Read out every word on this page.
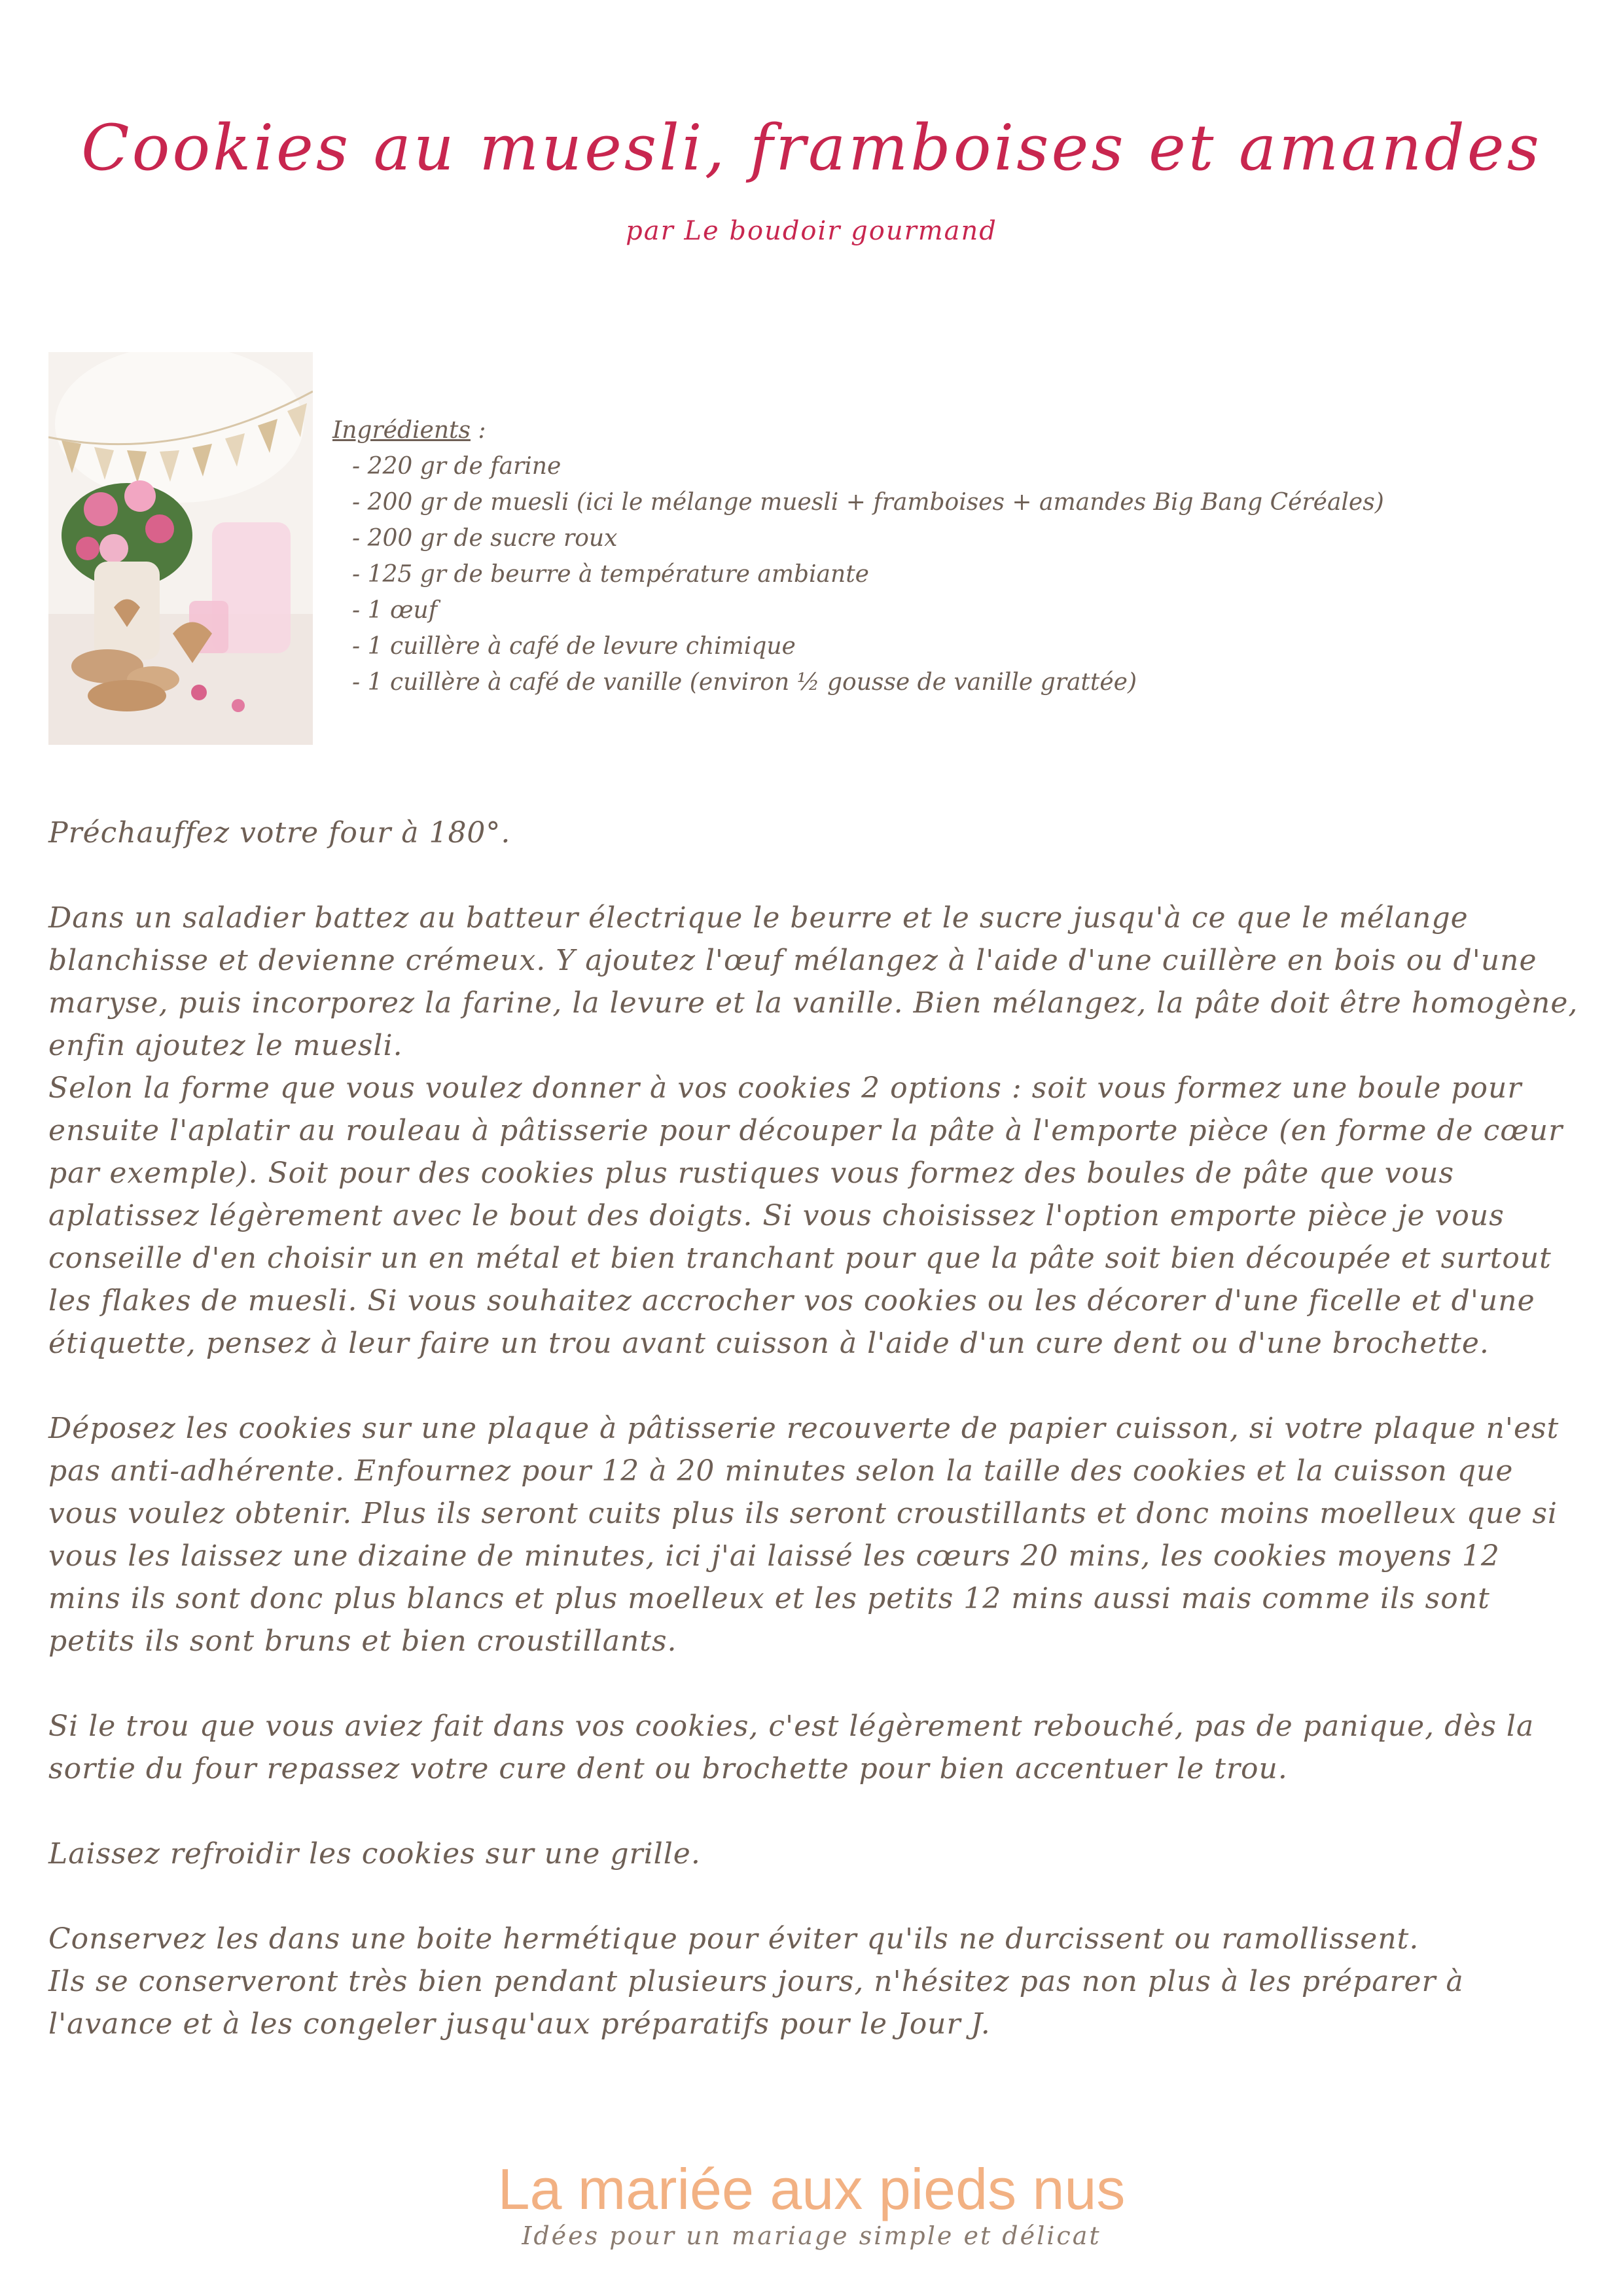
Cookies au muesli, framboises et amandes
par Le boudoir gourmand
Ingrédients :
- 220 gr de farine
- 200 gr de muesli (ici le mélange muesli + framboises + amandes Big Bang Céréales)
- 200 gr de sucre roux
- 125 gr de beurre à température ambiante
- 1 œuf
- 1 cuillère à café de levure chimique
- 1 cuillère à café de vanille (environ ½ gousse de vanille grattée)

Préchauffez votre four à 180°.

Dans un saladier battez au batteur électrique le beurre et le sucre jusqu'à ce que le mélange blanchisse et devienne crémeux. Y ajoutez l'œuf mélangez à l'aide d'une cuillère en bois ou d'une maryse, puis incorporez la farine, la levure et la vanille. Bien mélangez, la pâte doit être homogène, enfin ajoutez le muesli.

Selon la forme que vous voulez donner à vos cookies 2 options : soit vous formez une boule pour ensuite l'aplatir au rouleau à pâtisserie pour découper la pâte à l'emporte pièce (en forme de cœur par exemple). Soit pour des cookies plus rustiques vous formez des boules de pâte que vous aplatissez légèrement avec le bout des doigts. Si vous choisissez l'option emporte pièce je vous conseille d'en choisir un en métal et bien tranchant pour que la pâte soit bien découpée et surtout les flakes de muesli. Si vous souhaitez accrocher vos cookies ou les décorer d'une ficelle et d'une étiquette, pensez à leur faire un trou avant cuisson à l'aide d'un cure dent ou d'une brochette.

Déposez les cookies sur une plaque à pâtisserie recouverte de papier cuisson, si votre plaque n'est pas anti-adhérente. Enfournez pour 12 à 20 minutes selon la taille des cookies et la cuisson que vous voulez obtenir. Plus ils seront cuits plus ils seront croustillants et donc moins moelleux que si vous les laissez une dizaine de minutes, ici j'ai laissé les cœurs 20 mins, les cookies moyens 12 mins ils sont donc plus blancs et plus moelleux et les petits 12 mins aussi mais comme ils sont petits ils sont bruns et bien croustillants.

Si le trou que vous aviez fait dans vos cookies, c'est légèrement rebouché, pas de panique, dès la sortie du four repassez votre cure dent ou brochette pour bien accentuer le trou.

Laissez refroidir les cookies sur une grille.

Conservez les dans une boite hermétique pour éviter qu'ils ne durcissent ou ramollissent.

Ils se conserveront très bien pendant plusieurs jours, n'hésitez pas non plus à les préparer à l'avance et à les congeler jusqu'aux préparatifs pour le Jour J.

La mariée aux pieds nus
Idées pour un mariage simple et délicat
